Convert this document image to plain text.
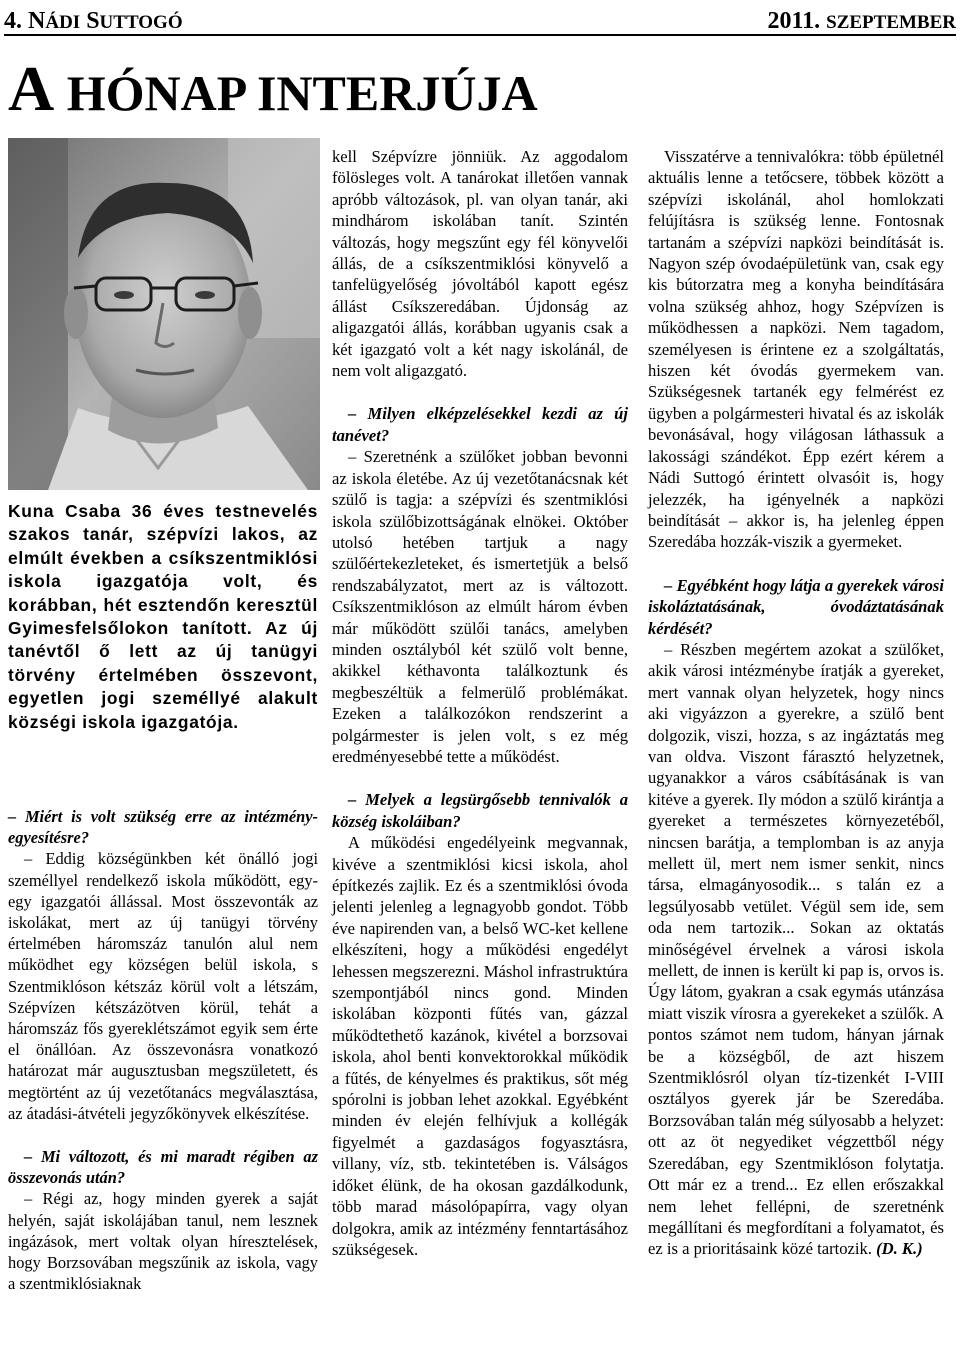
4. NÁDI SUTTOGÓ	2011. SZEPTEMBER
A HÓNAP INTERJÚJA

Kuna Csaba 36 éves testnevelés szakos tanár, szépvízi lakos, az elmúlt években a csíkszentmiklósi iskola igazgatója volt, és korábban, hét esztendőn keresztül Gyimesfelsőlokon tanított. Az új tanévtől ő lett az új tanügyi törvény értelmében összevont, egyetlen jogi személlyé alakult községi iskola igazgatója.

– Miért is volt szükség erre az intézmény-egyesítésre?

– Eddig községünkben két önálló jogi személlyel rendelkező iskola működött, egy-egy igazgatói állással. Most összevonták az iskolákat, mert az új tanügyi törvény értelmében háromszáz tanulón alul nem működhet egy községen belül iskola, s Szentmiklóson kétszáz körül volt a létszám, Szépvízen kétszázötven körül, tehát a háromszáz fős gyereklétszámot egyik sem érte el önállóan. Az összevonásra vonatkozó határozat már augusztusban megszületett, és megtörtént az új vezetőtanács megválasztása, az átadási-átvételi jegyzőkönyvek elkészítése.

– Mi változott, és mi maradt régiben az összevonás után?

– Régi az, hogy minden gyerek a saját helyén, saját iskolájában tanul, nem lesznek ingázások, mert voltak olyan híresztelések, hogy Borzsovában megszűnik az iskola, vagy a szentmiklósiaknak

kell Szépvízre jönniük. Az aggodalom fölösleges volt. A tanárokat illetően vannak apróbb változások, pl. van olyan tanár, aki mindhárom iskolában tanít. Szintén változás, hogy megszűnt egy fél könyvelői állás, de a csíkszentmiklósi könyvelő a tanfelügyelőség jóvoltából kapott egész állást Csíkszeredában. Újdonság az aligazgatói állás, korábban ugyanis csak a két igazgató volt a két nagy iskolánál, de nem volt aligazgató.

– Milyen elképzelésekkel kezdi az új tanévet?

– Szeretnénk a szülőket jobban bevonni az iskola életébe. Az új vezetőtanácsnak két szülő is tagja: a szépvízi és szentmiklósi iskola szülőbizottságának elnökei. Október utolsó hetében tartjuk a nagy szülőértekezleteket, és ismertetjük a belső rendszabályzatot, mert az is változott. Csíkszentmiklóson az elmúlt három évben már működött szülői tanács, amelyben minden osztályból két szülő volt benne, akikkel kéthavonta találkoztunk és megbeszéltük a felmerülő problémákat. Ezeken a találkozókon rendszerint a polgármester is jelen volt, s ez még eredményesebbé tette a működést.

– Melyek a legsürgősebb tennivalók a község iskoláiban?

A működési engedélyeink megvannak, kivéve a szentmiklósi kicsi iskola, ahol építkezés zajlik. Ez és a szentmiklósi óvoda jelenti jelenleg a legnagyobb gondot. Több éve napirenden van, a belső WC-ket kellene elkészíteni, hogy a működési engedélyt lehessen megszerezni. Máshol infrastruktúra szempontjából nincs gond. Minden iskolában központi fűtés van, gázzal működtethető kazánok, kivétel a borzsovai iskola, ahol benti konvektorokkal működik a fűtés, de kényelmes és praktikus, sőt még spórolni is jobban lehet azokkal. Egyébként minden év elején felhívjuk a kollégák figyelmét a gazdaságos fogyasztásra, villany, víz, stb. tekintetében is. Válságos időket élünk, de ha okosan gazdálkodunk, több marad másolópapírra, vagy olyan dolgokra, amik az intézmény fenntartásához szükségesek.

Visszatérve a tennivalókra: több épületnél aktuális lenne a tetőcsere, többek között a szépvízi iskolánál, ahol homlokzati felújításra is szükség lenne. Fontosnak tartanám a szépvízi napközi beindítását is. Nagyon szép óvodaépületünk van, csak egy kis bútorzatra meg a konyha beindítására volna szükség ahhoz, hogy Szépvízen is működhessen a napközi. Nem tagadom, személyesen is érintene ez a szolgáltatás, hiszen két óvodás gyermekem van. Szükségesnek tartanék egy felmérést ez ügyben a polgármesteri hivatal és az iskolák bevonásával, hogy világosan láthassuk a lakossági szándékot. Épp ezért kérem a Nádi Suttogó érintett olvasóit is, hogy jelezzék, ha igényelnék a napközi beindítását – akkor is, ha jelenleg éppen Szeredába hozzák-viszik a gyermeket.

– Egyébként hogy látja a gyerekek városi iskoláztatásának, óvodáztatásának kérdését?

– Részben megértem azokat a szülőket, akik városi intézménybe íratják a gyereket, mert vannak olyan helyzetek, hogy nincs aki vigyázzon a gyerekre, a szülő bent dolgozik, viszi, hozza, s az ingáztatás meg van oldva. Viszont fárasztó helyzetnek, ugyanakkor a város csábításának is van kitéve a gyerek. Ily módon a szülő kirántja a gyereket a természetes környezetéből, nincsen barátja, a templomban is az anyja mellett ül, mert nem ismer senkit, nincs társa, elmagányosodik... s talán ez a legsúlyosabb vetület. Végül sem ide, sem oda nem tartozik... Sokan az oktatás minőségével érvelnek a városi iskola mellett, de innen is került ki pap is, orvos is. Úgy látom, gyakran a csak egymás utánzása miatt viszik vírosra a gyerekeket a szülők. A pontos számot nem tudom, hányan járnak be a községből, de azt hiszem Szentmiklósról olyan tíz-tizenkét I-VIII osztályos gyerek jár be Szeredába. Borzsovában talán még súlyosabb a helyzet: ott az öt negyediket végzettből négy Szeredában, egy Szentmiklóson folytatja. Ott már ez a trend... Ez ellen erőszakkal nem lehet fellépni, de szeretnénk megállítani és megfordítani a folyamatot, és ez is a prioritásaink közé tartozik. (D. K.)
